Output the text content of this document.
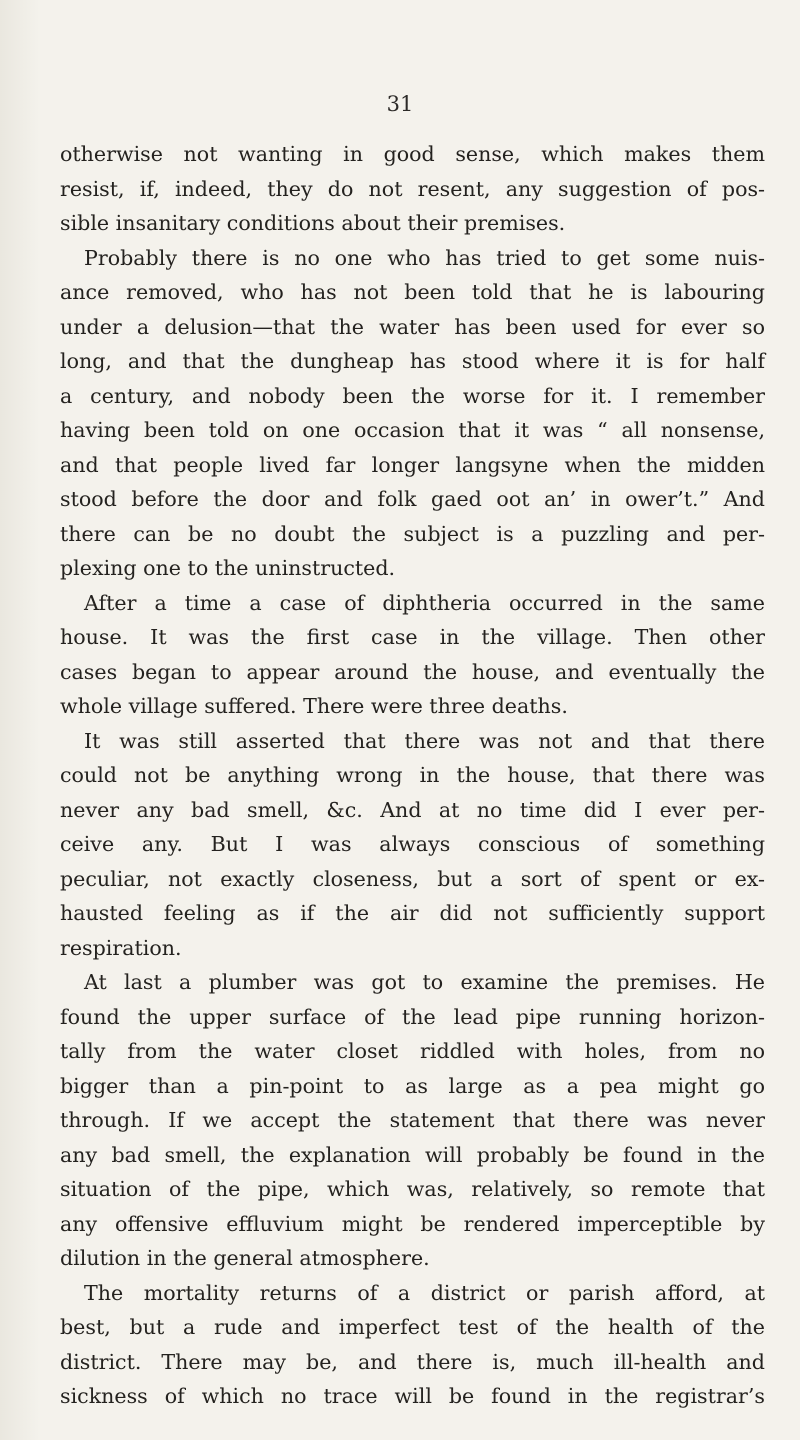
31
otherwise not wanting in good sense, which makes them
resist, if, indeed, they do not resent, any suggestion of pos-
sible insanitary conditions about their premises.
Probably there is no one who has tried to get some nuis-
ance removed, who has not been told that he is labouring
under a delusion—that the water has been used for ever so
long, and that the dungheap has stood where it is for half
a century, and nobody been the worse for it. I remember
having been told on one occasion that it was “ all nonsense,
and that people lived far longer langsyne when the midden
stood before the door and folk gaed oot an’ in ower’t.” And
there can be no doubt the subject is a puzzling and per-
plexing one to the uninstructed.
After a time a case of diphtheria occurred in the same
house. It was the first case in the village. Then other
cases began to appear around the house, and eventually the
whole village suffered. There were three deaths.
It was still asserted that there was not and that there
could not be anything wrong in the house, that there was
never any bad smell, &c. And at no time did I ever per-
ceive any. But I was always conscious of something
peculiar, not exactly closeness, but a sort of spent or ex-
hausted feeling as if the air did not sufficiently support
respiration.
At last a plumber was got to examine the premises. He
found the upper surface of the lead pipe running horizon-
tally from the water closet riddled with holes, from no
bigger than a pin-point to as large as a pea might go
through. If we accept the statement that there was never
any bad smell, the explanation will probably be found in the
situation of the pipe, which was, relatively, so remote that
any offensive effluvium might be rendered imperceptible by
dilution in the general atmosphere.
The mortality returns of a district or parish afford, at
best, but a rude and imperfect test of the health of the
district. There may be, and there is, much ill-health and
sickness of which no trace will be found in the registrar’s
